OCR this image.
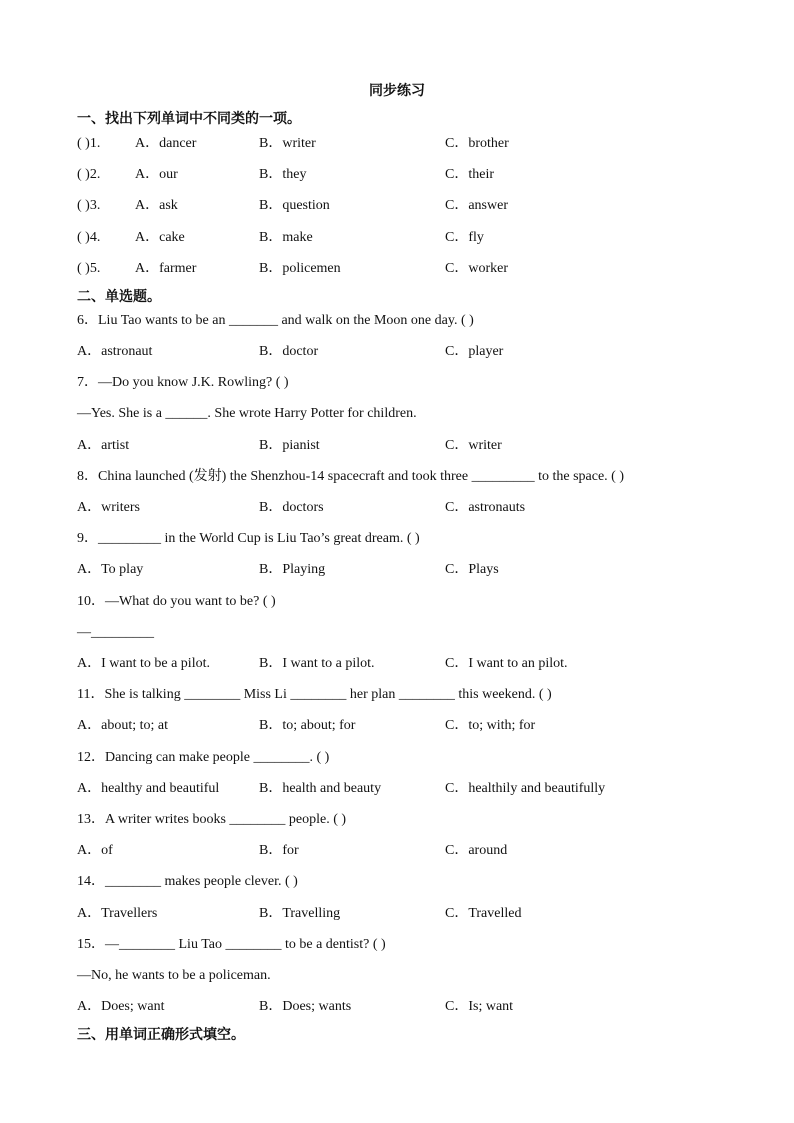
同步练习
一、找出下列单词中不同类的一项。
( )1. A．dancer	B．writer	C．brother
( )2. A．our	B．they	C．their
( )3. A．ask	B．question	C．answer
( )4. A．cake	B．make	C．fly
( )5. A．farmer	B．policemen	C．worker
二、单选题。
6．Liu Tao wants to be an _______ and walk on the Moon one day. ( )
A．astronaut	B．doctor	C．player
7．—Do you know J.K. Rowling? ( )
—Yes. She is a ______. She wrote Harry Potter for children.
A．artist	B．pianist	C．writer
8．China launched (发射) the Shenzhou-14 spacecraft and took three _________ to the space. ( )
A．writers	B．doctors	C．astronauts
9．_________ in the World Cup is Liu Tao’s great dream. ( )
A．To play	B．Playing	C．Plays
10．—What do you want to be? ( )
—_________
A．I want to be a pilot.	B．I want to a pilot.	C．I want to an pilot.
11．She is talking ________ Miss Li ________ her plan ________ this weekend. ( )
A．about; to; at	B．to; about; for	C．to; with; for
12．Dancing can make people ________. ( )
A．healthy and beautiful	B．health and beauty	C．healthily and beautifully
13．A writer writes books ________ people. ( )
A．of	B．for	C．around
14．________ makes people clever. ( )
A．Travellers	B．Travelling	C．Travelled
15．—________ Liu Tao ________ to be a dentist? ( )
—No, he wants to be a policeman.
A．Does; want	B．Does; wants	C．Is; want
三、用单词正确形式填空。
